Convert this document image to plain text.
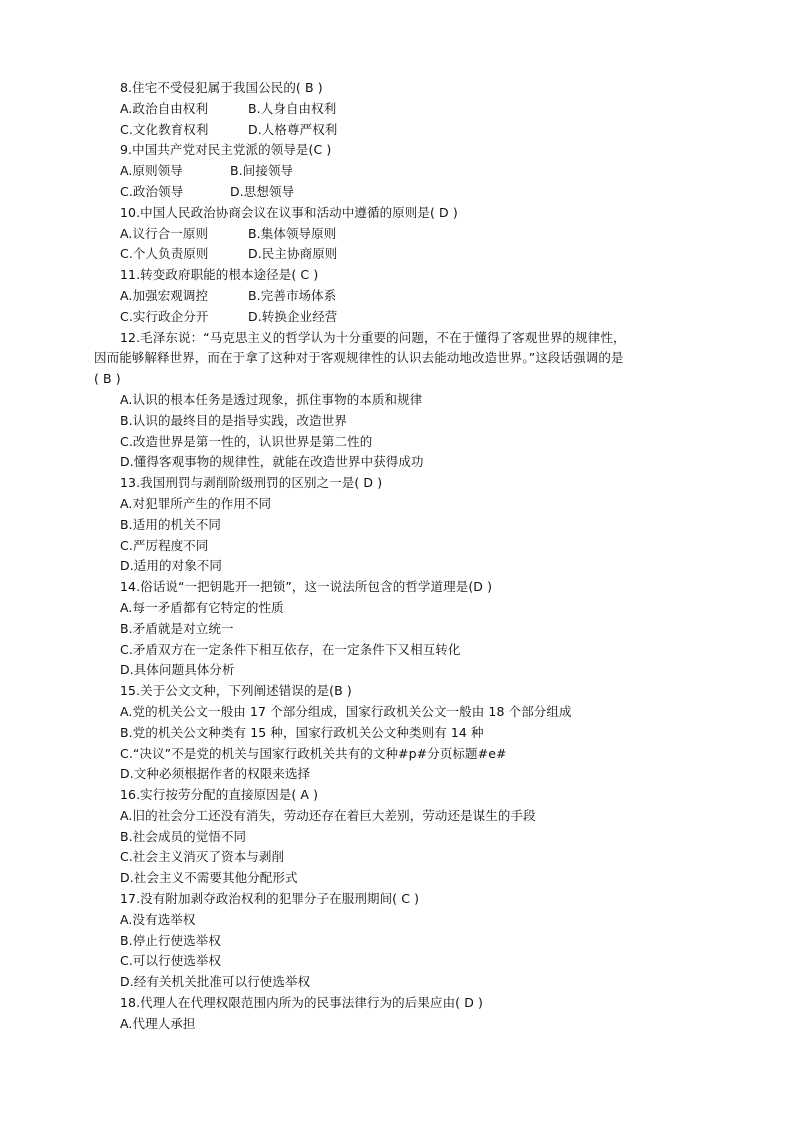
8.住宅不受侵犯属于我国公民的( B )
A.政治自由权利	B.人身自由权利
C.文化教育权利	D.人格尊严权利
9.中国共产党对民主党派的领导是(C )
A.原则领导	B.间接领导
C.政治领导	D.思想领导
10.中国人民政治协商会议在议事和活动中遵循的原则是( D )
A.议行合一原则	B.集体领导原则
C.个人负责原则	D.民主协商原则
11.转变政府职能的根本途径是( C )
A.加强宏观调控	B.完善市场体系
C.实行政企分开	D.转换企业经营
12.毛泽东说：“马克思主义的哲学认为十分重要的问题，不在于懂得了客观世界的规律性，
因而能够解释世界，而在于拿了这种对于客观规律性的认识去能动地改造世界。”这段话强调的是
( B )
A.认识的根本任务是透过现象，抓住事物的本质和规律
B.认识的最终目的是指导实践，改造世界
C.改造世界是第一性的，认识世界是第二性的
D.懂得客观事物的规律性，就能在改造世界中获得成功
13.我国刑罚与剥削阶级刑罚的区别之一是( D )
A.对犯罪所产生的作用不同
B.适用的机关不同
C.严厉程度不同
D.适用的对象不同
14.俗话说“一把钥匙开一把锁”，这一说法所包含的哲学道理是(D )
A.每一矛盾都有它特定的性质
B.矛盾就是对立统一
C.矛盾双方在一定条件下相互依存，在一定条件下又相互转化
D.具体问题具体分析
15.关于公文文种，下列阐述错误的是(B )
A.党的机关公文一般由 17 个部分组成，国家行政机关公文一般由 18 个部分组成
B.党的机关公文种类有 15 种，国家行政机关公文种类则有 14 种
C.“决议”不是党的机关与国家行政机关共有的文种#p#分页标题#e#
D.文种必须根据作者的权限来选择
16.实行按劳分配的直接原因是( A )
A.旧的社会分工还没有消失，劳动还存在着巨大差别，劳动还是谋生的手段
B.社会成员的觉悟不同
C.社会主义消灭了资本与剥削
D.社会主义不需要其他分配形式
17.没有附加剥夺政治权利的犯罪分子在服刑期间( C )
A.没有选举权
B.停止行使选举权
C.可以行使选举权
D.经有关机关批准可以行使选举权
18.代理人在代理权限范围内所为的民事法律行为的后果应由( D )
A.代理人承担
